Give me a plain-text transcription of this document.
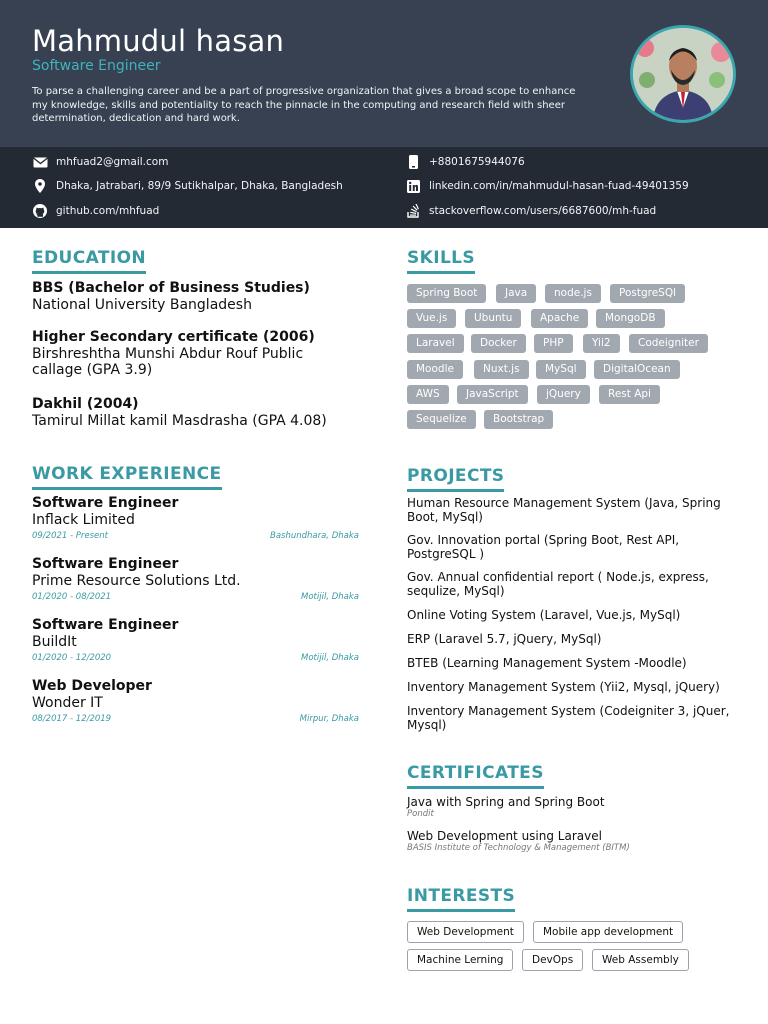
Mahmudul hasan
Software Engineer
To parse a challenging career and be a part of progressive organization that gives a broad scope to enhance my knowledge, skills and potentiality to reach the pinnacle in the computing and research field with sheer determination, dedication and hard work.
mhfuad2@gmail.com	+8801675944076
Dhaka, Jatrabari, 89/9 Sutikhalpar, Dhaka, Bangladesh	linkedin.com/in/mahmudul-hasan-fuad-49401359
github.com/mhfuad	stackoverflow.com/users/6687600/mh-fuad
EDUCATION
BBS (Bachelor of Business Studies)
National University Bangladesh
Higher Secondary certificate (2006)
Birshreshtha Munshi Abdur Rouf Public callage (GPA 3.9)
Dakhil (2004)
Tamirul Millat kamil Masdrasha (GPA 4.08)
WORK EXPERIENCE
Software Engineer
Inflack Limited
09/2021 - Present	Bashundhara, Dhaka
Software Engineer
Prime Resource Solutions Ltd.
01/2020 - 08/2021	Motijil, Dhaka
Software Engineer
BuildIt
01/2020 - 12/2020	Motijil, Dhaka
Web Developer
Wonder IT
08/2017 - 12/2019	Mirpur, Dhaka
SKILLS
Spring Boot	Java	node.js	PostgreSQl
Vue.js	Ubuntu	Apache	MongoDB
Laravel	Docker	PHP	Yii2	Codeigniter
Moodle	Nuxt.js	MySql	DigitalOcean
AWS	JavaScript	jQuery	Rest Api
Sequelize	Bootstrap
PROJECTS
Human Resource Management System (Java, Spring Boot, MySql)
Gov. Innovation portal (Spring Boot, Rest API, PostgreSQL )
Gov. Annual confidential report ( Node.js, express, sequlize, MySql)
Online Voting System (Laravel, Vue.js, MySql)
ERP (Laravel 5.7, jQuery, MySql)
BTEB (Learning Management System -Moodle)
Inventory Management System (Yii2, Mysql, jQuery)
Inventory Management System (Codeigniter 3, jQuer, Mysql)
CERTIFICATES
Java with Spring and Spring Boot
Pondit
Web Development using Laravel
BASIS Institute of Technology & Management (BITM)
INTERESTS
Web Development	Mobile app development
Machine Lerning	DevOps	Web Assembly
